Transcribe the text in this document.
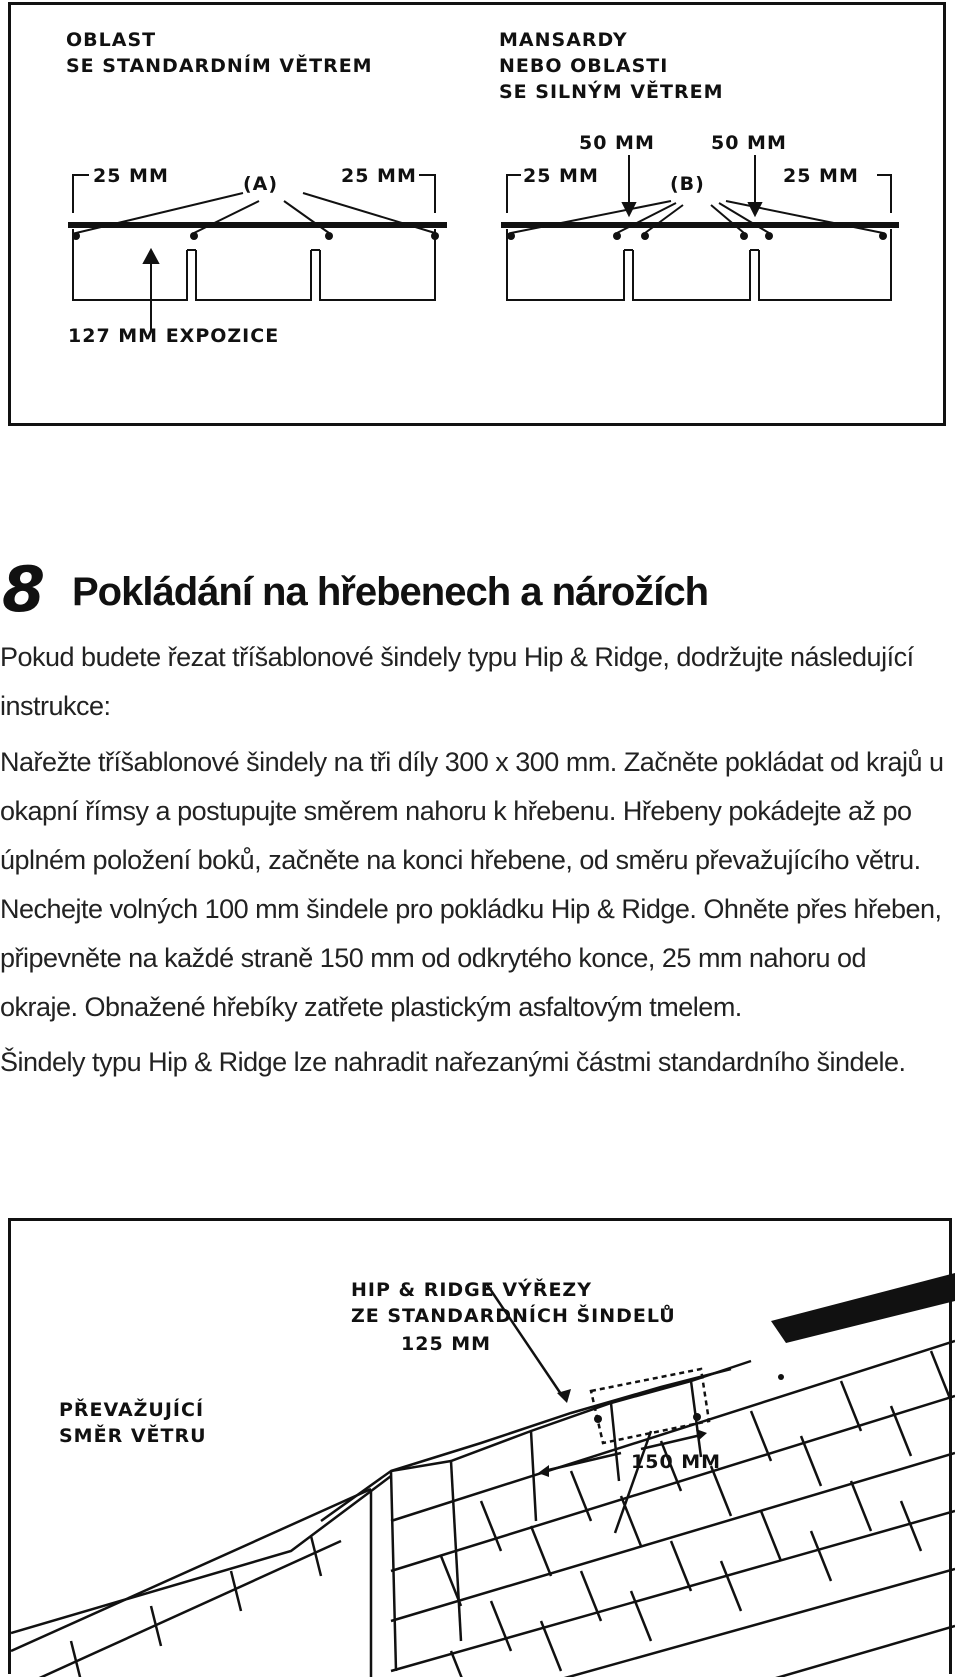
OBLAST
SE STANDARDNÍM VĚTREM
MANSARDY
NEBO OBLASTI
SE SILNÝM VĚTREM
25 MM	(A)	25 MM
50 MM	50 MM
25 MM	(B)	25 MM
127 MM EXPOZICE
8 Pokládání na hřebenech a nárožích
Pokud budete řezat tříšablonové šindely typu Hip & Ridge, dodržujte následující instrukce:
Nařežte tříšablonové šindely na tři díly 300 x 300 mm. Začněte pokládat od krajů u okapní římsy a postupujte směrem nahoru k hřebenu. Hřebeny pokádejte až po úplném položení boků, začněte na konci hřebene, od směru převažujícího větru. Nechejte volných 100 mm šindele pro pokládku Hip & Ridge. Ohněte přes hřeben, připevněte na každé straně 150 mm od odkrytého konce, 25 mm nahoru od okraje. Obnažené hřebíky zatřete plastickým asfaltovým tmelem.
Šindely typu Hip & Ridge lze nahradit nařezanými částmi standardního šindele.
HIP & RIDGE VÝŘEZY
ZE STANDARDNÍCH ŠINDELŮ
125 MM
150 MM
PŘEVAŽUJÍCÍ
SMĚR VĚTRU
